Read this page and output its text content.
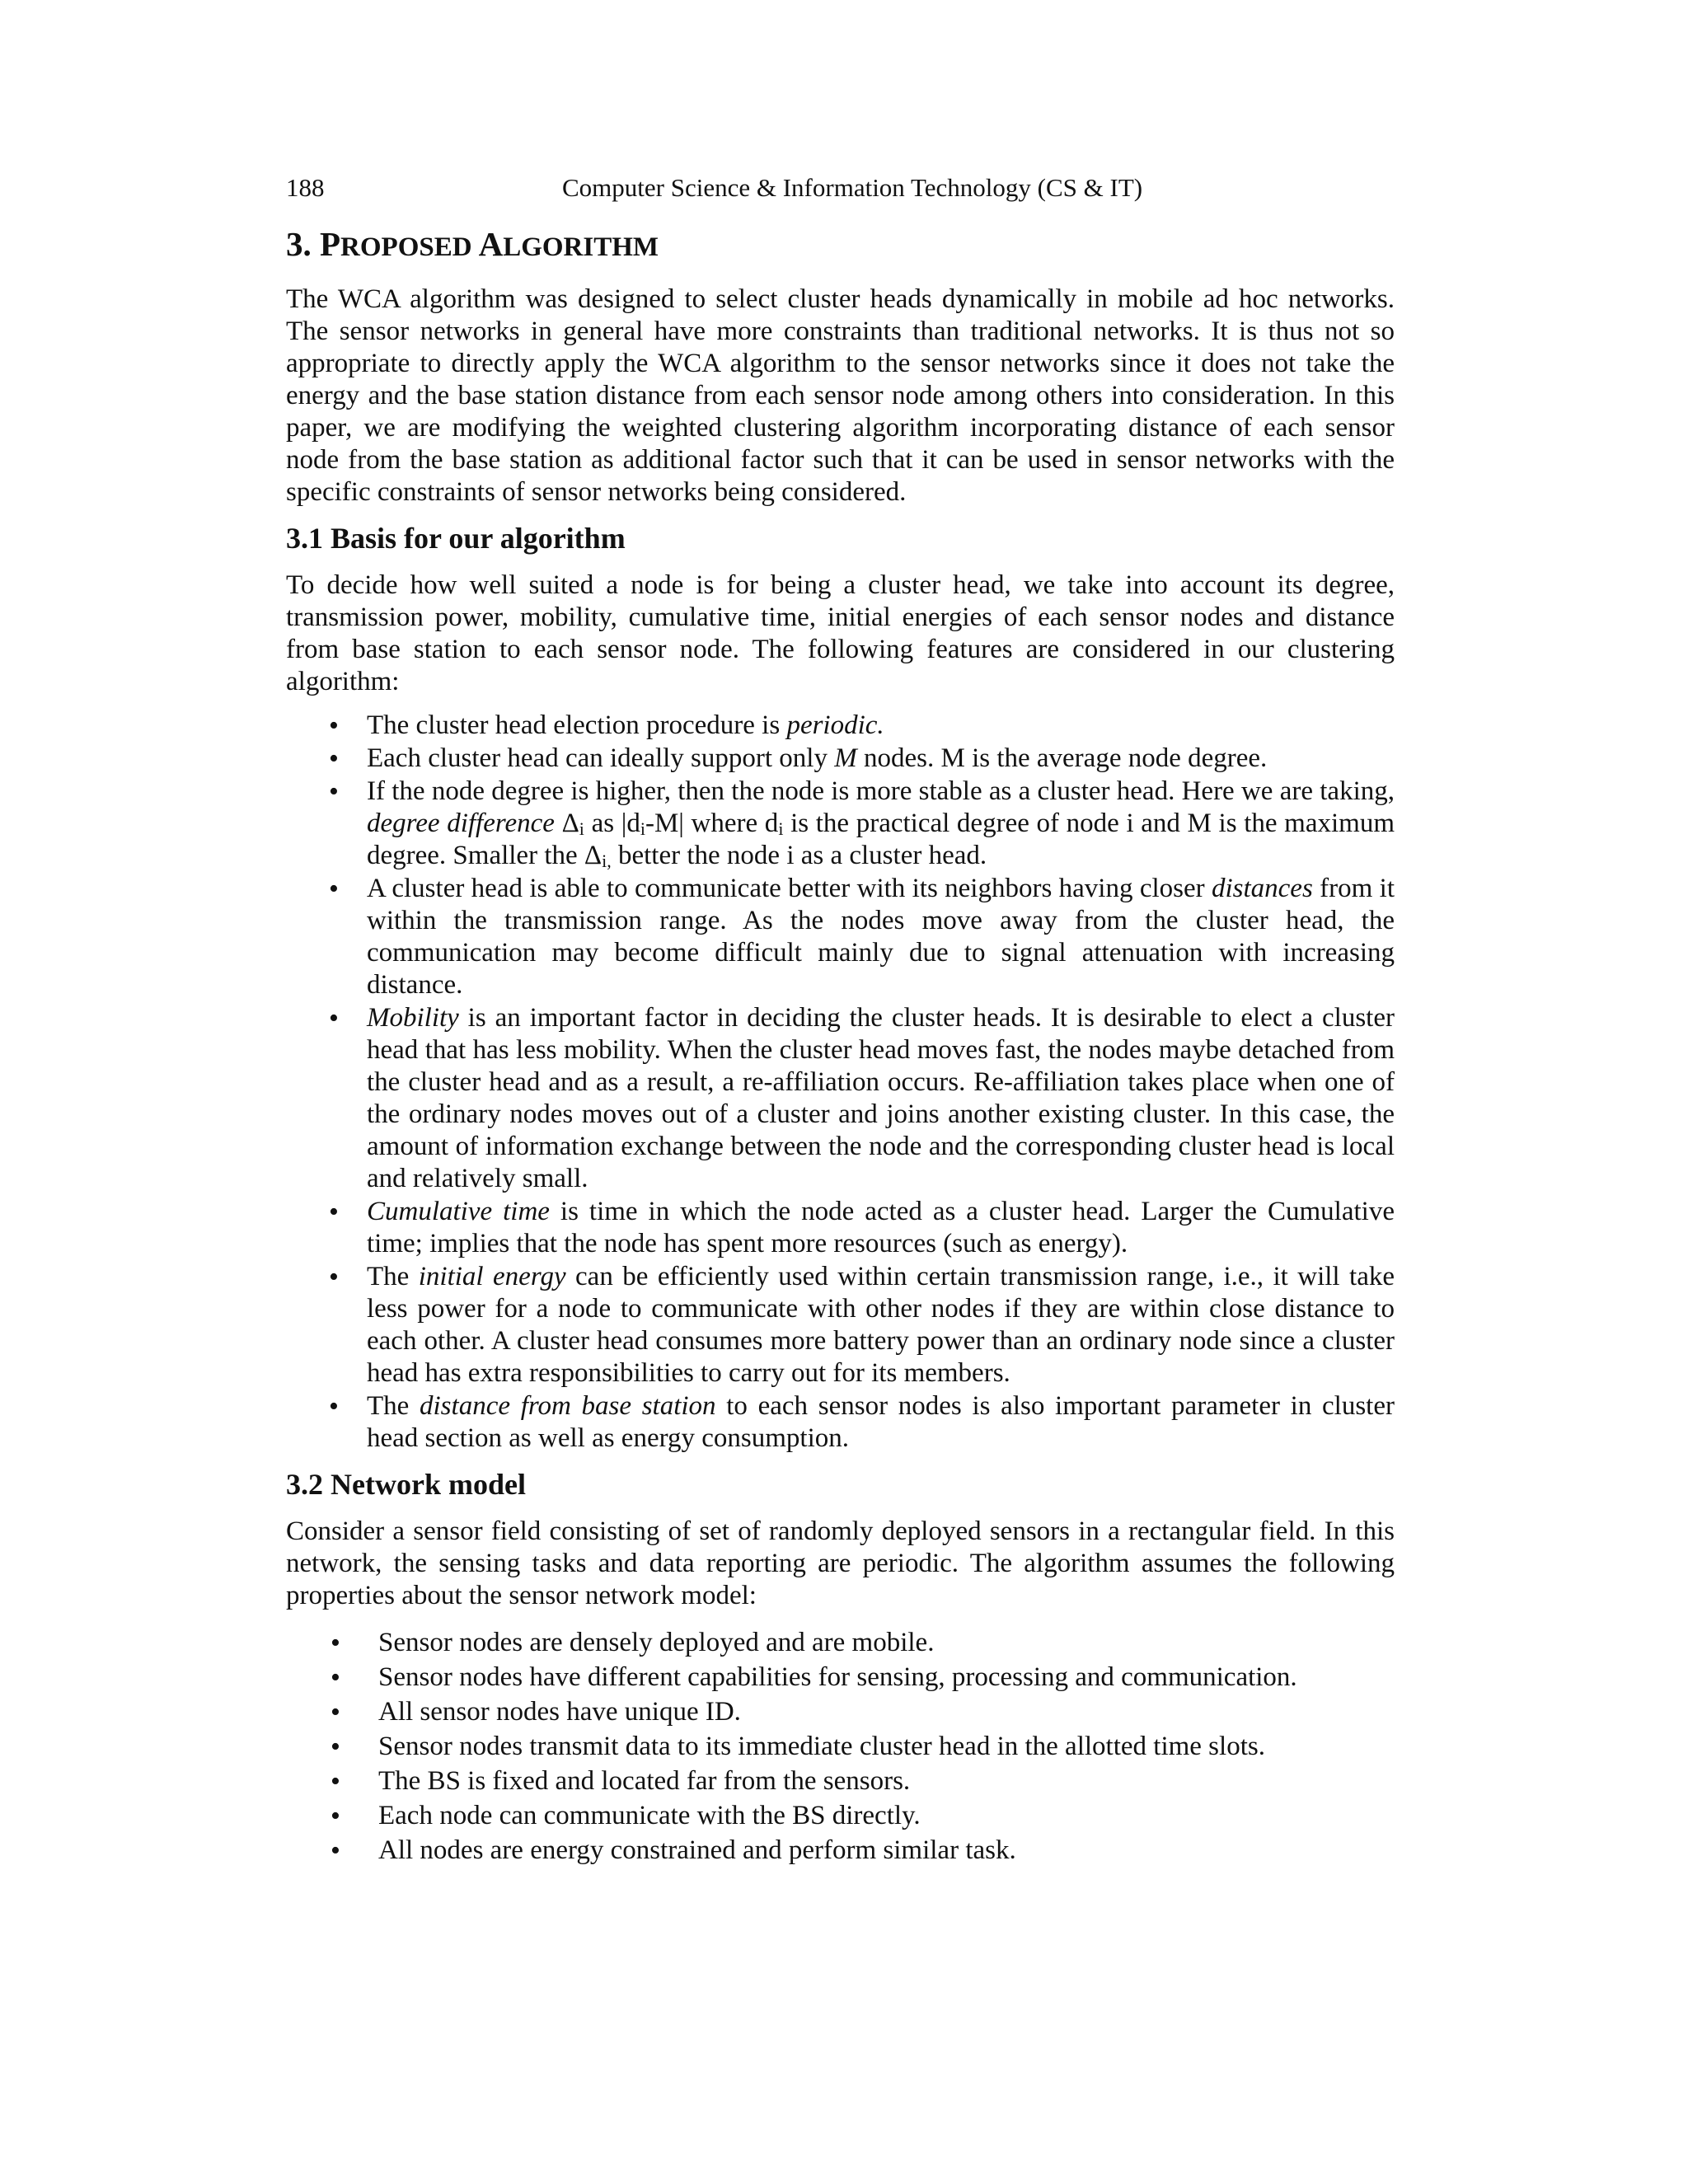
188	Computer Science & Information Technology (CS & IT)
3. PROPOSED ALGORITHM

The WCA algorithm was designed to select cluster heads dynamically in mobile ad hoc networks. The sensor networks in general have more constraints than traditional networks. It is thus not so appropriate to directly apply the WCA algorithm to the sensor networks since it does not take the energy and the base station distance from each sensor node among others into consideration. In this paper, we are modifying the weighted clustering algorithm incorporating distance of each sensor node from the base station as additional factor such that it can be used in sensor networks with the specific constraints of sensor networks being considered.

3.1 Basis for our algorithm

To decide how well suited a node is for being a cluster head, we take into account its degree, transmission power, mobility, cumulative time, initial energies of each sensor nodes and distance from base station to each sensor node. The following features are considered in our clustering algorithm:

• The cluster head election procedure is periodic.
• Each cluster head can ideally support only M nodes. M is the average node degree.
• If the node degree is higher, then the node is more stable as a cluster head. Here we are taking, degree difference $\Delta_i$ as $|d_i-M|$ where $d_i$ is the practical degree of node i and M is the maximum degree. Smaller the $\Delta_{i,}$ better the node i as a cluster head.
• A cluster head is able to communicate better with its neighbors having closer distances from it within the transmission range. As the nodes move away from the cluster head, the communication may become difficult mainly due to signal attenuation with increasing distance.
• Mobility is an important factor in deciding the cluster heads. It is desirable to elect a cluster head that has less mobility. When the cluster head moves fast, the nodes maybe detached from the cluster head and as a result, a re-affiliation occurs. Re-affiliation takes place when one of the ordinary nodes moves out of a cluster and joins another existing cluster. In this case, the amount of information exchange between the node and the corresponding cluster head is local and relatively small.
• Cumulative time is time in which the node acted as a cluster head. Larger the Cumulative time; implies that the node has spent more resources (such as energy).
• The initial energy can be efficiently used within certain transmission range, i.e., it will take less power for a node to communicate with other nodes if they are within close distance to each other. A cluster head consumes more battery power than an ordinary node since a cluster head has extra responsibilities to carry out for its members.
• The distance from base station to each sensor nodes is also important parameter in cluster head section as well as energy consumption.
3.2 Network model

Consider a sensor field consisting of set of randomly deployed sensors in a rectangular field. In this network, the sensing tasks and data reporting are periodic. The algorithm assumes the following properties about the sensor network model:

• Sensor nodes are densely deployed and are mobile.
• Sensor nodes have different capabilities for sensing, processing and communication.
• All sensor nodes have unique ID.
• Sensor nodes transmit data to its immediate cluster head in the allotted time slots.
• The BS is fixed and located far from the sensors.
• Each node can communicate with the BS directly.
• All nodes are energy constrained and perform similar task.
